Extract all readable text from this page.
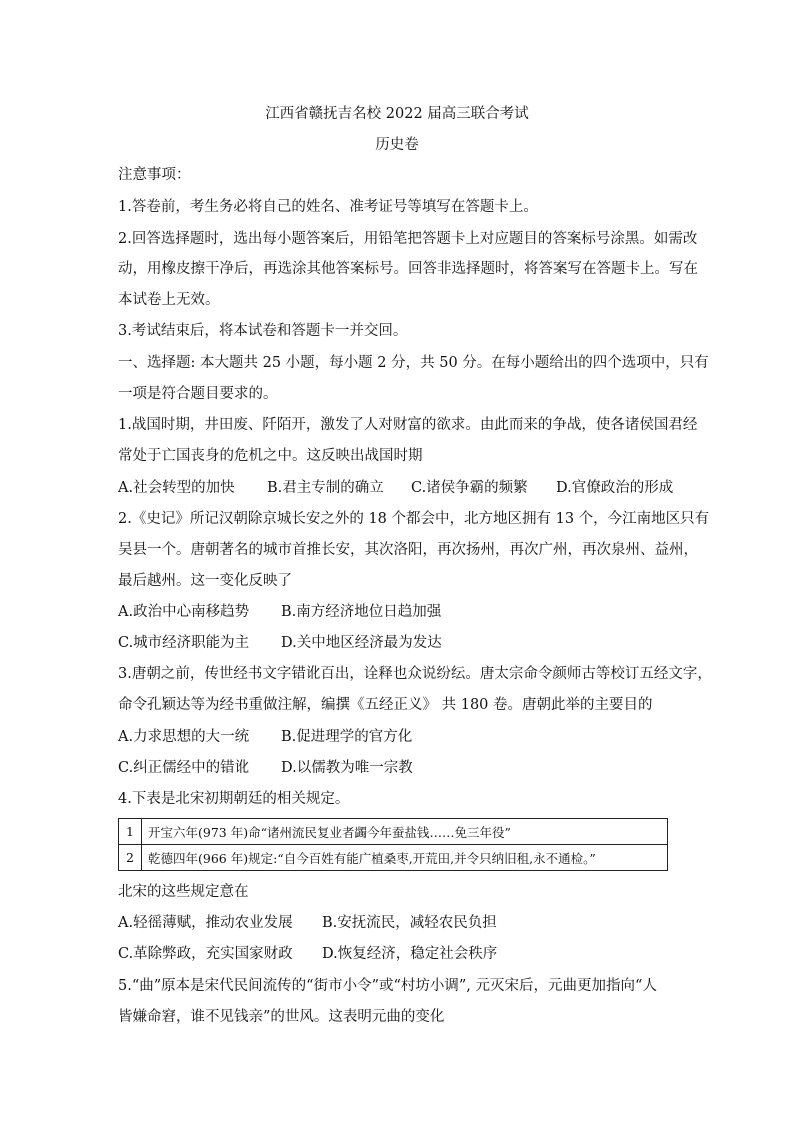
江西省赣抚吉名校 2022 届高三联合考试
历史卷
注意事项：
1.答卷前，考生务必将自己的姓名、准考证号等填写在答题卡上。
2.回答选择题时，选出每小题答案后，用铅笔把答题卡上对应题目的答案标号涂黑。如需改
动，用橡皮擦干净后，再选涂其他答案标号。回答非选择题时，将答案写在答题卡上。写在
本试卷上无效。
3.考试结束后，将本试卷和答题卡一并交回。
一、选择题: 本大题共 25 小题，每小题 2 分，共 50 分。在每小题给出的四个选项中，只有
一项是符合题目要求的。
1.战国时期，井田废、阡陌开，激发了人对财富的欲求。由此而来的争战，使各诸侯国君经
常处于亡国丧身的危机之中。这反映出战国时期
A.社会转型的加快 B.君主专制的确立 C.诸侯争霸的频繁 D.官僚政治的形成
2.《史记》所记汉朝除京城长安之外的 18 个都会中，北方地区拥有 13 个，今江南地区只有
吴县一个。唐朝著名的城市首推长安，其次洛阳，再次扬州，再次广州，再次泉州、益州，
最后越州。这一变化反映了
A.政治中心南移趋势 B.南方经济地位日趋加强
C.城市经济职能为主 D.关中地区经济最为发达
3.唐朝之前，传世经书文字错讹百出，诠释也众说纷纭。唐太宗命令颜师古等校订五经文字，
命令孔颖达等为经书重做注解，编撰《五经正义》 共 180 卷。唐朝此举的主要目的
A.力求思想的大一统 B.促进理学的官方化
C.纠正儒经中的错讹 D.以儒教为唯一宗教
4.下表是北宋初期朝廷的相关规定。
1	开宝六年(973 年)命“诸州流民复业者蠲今年蚕盐钱……免三年役”
2	乾德四年(966 年)规定:“自今百姓有能广植桑枣,开荒田,并令只纳旧租,永不通检。”
北宋的这些规定意在
A.轻徭薄赋，推动农业发展 B.安抚流民，减轻农民负担
C.革除弊政，充实国家财政 D.恢复经济，稳定社会秩序
5.“曲”原本是宋代民间流传的“街市小令”或“村坊小调”, 元灭宋后，元曲更加指向“人
皆嫌命窘，谁不见钱亲”的世风。这表明元曲的变化
